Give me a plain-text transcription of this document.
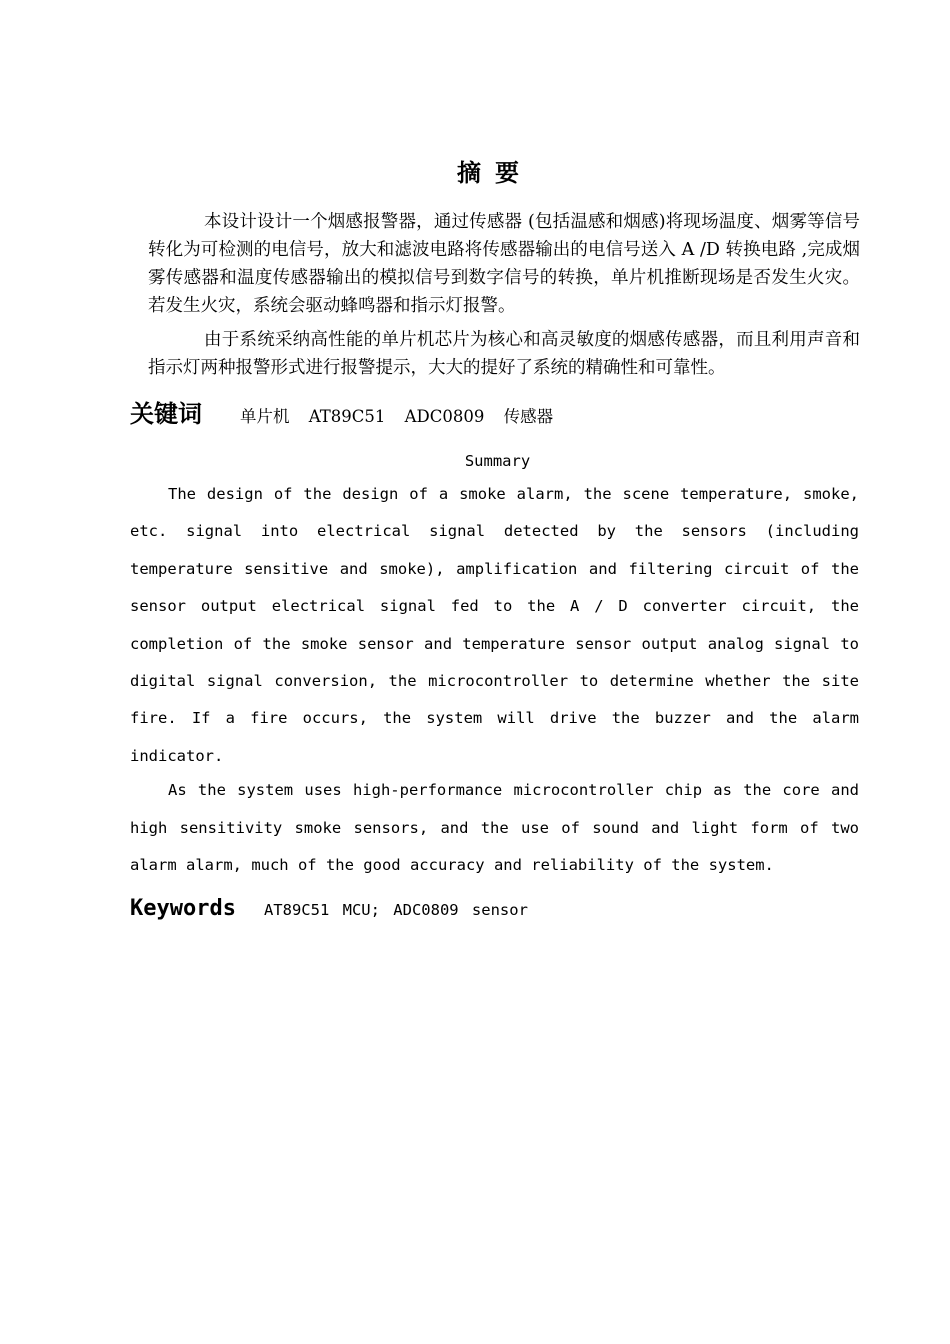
摘要

本设计设计一个烟感报警器，通过传感器 (包括温感和烟感)将现场温度、烟雾等信号转化为可检测的电信号，放大和滤波电路将传感器输出的电信号送入 A /D 转换电路 ,完成烟雾传感器和温度传感器输出的模拟信号到数字信号的转换，单片机推断现场是否发生火灾。若发生火灾，系统会驱动蜂鸣器和指示灯报警。

由于系统采纳高性能的单片机芯片为核心和高灵敏度的烟感传感器，而且利用声音和指示灯两种报警形式进行报警提示，大大的提好了系统的精确性和可靠性。

关键词 单片机 AT89C51 ADC0809 传感器
Summary

The design of the design of a smoke alarm, the scene temperature, smoke, etc. signal into electrical signal detected by the sensors (including temperature sensitive and smoke), amplification and filtering circuit of the sensor output electrical signal fed to the A / D converter circuit, the completion of the smoke sensor and temperature sensor output analog signal to digital signal conversion, the microcontroller to determine whether the site fire. If a fire occurs, the system will drive the buzzer and the alarm indicator.

As the system uses high-performance microcontroller chip as the core and high sensitivity smoke sensors, and the use of sound and light form of two alarm alarm, much of the good accuracy and reliability of the system.

Keywords AT89C51 MCU; ADC0809 sensor
